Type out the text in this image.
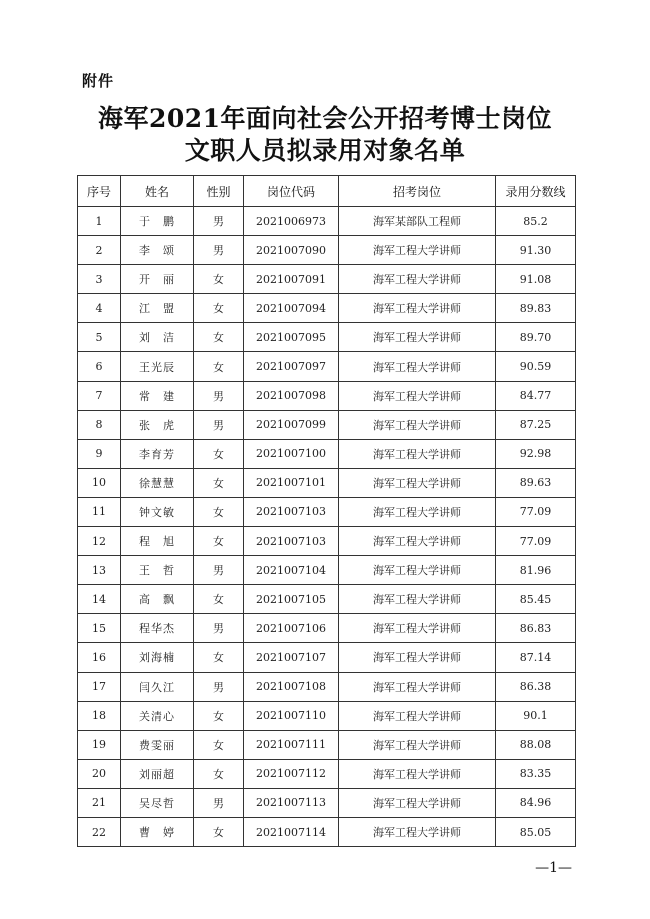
附件
海军2021年面向社会公开招考博士岗位
文职人员拟录用对象名单
序号	姓名	性别	岗位代码	招考岗位	录用分数线
1	于　鹏	男	2021006973	海军某部队工程师	85.2
2	李　颂	男	2021007090	海军工程大学讲师	91.30
3	开　丽	女	2021007091	海军工程大学讲师	91.08
4	江　盟	女	2021007094	海军工程大学讲师	89.83
5	刘　洁	女	2021007095	海军工程大学讲师	89.70
6	王光辰	女	2021007097	海军工程大学讲师	90.59
7	常　建	男	2021007098	海军工程大学讲师	84.77
8	张　虎	男	2021007099	海军工程大学讲师	87.25
9	李育芳	女	2021007100	海军工程大学讲师	92.98
10	徐慧慧	女	2021007101	海军工程大学讲师	89.63
11	钟文敏	女	2021007103	海军工程大学讲师	77.09
12	程　旭	女	2021007103	海军工程大学讲师	77.09
13	王　哲	男	2021007104	海军工程大学讲师	81.96
14	高　飘	女	2021007105	海军工程大学讲师	85.45
15	程华杰	男	2021007106	海军工程大学讲师	86.83
16	刘海楠	女	2021007107	海军工程大学讲师	87.14
17	闫久江	男	2021007108	海军工程大学讲师	86.38
18	关清心	女	2021007110	海军工程大学讲师	90.1
19	费雯丽	女	2021007111	海军工程大学讲师	88.08
20	刘丽超	女	2021007112	海军工程大学讲师	83.35
21	吴尽哲	男	2021007113	海军工程大学讲师	84.96
22	曹　婷	女	2021007114	海军工程大学讲师	85.05
—1—
